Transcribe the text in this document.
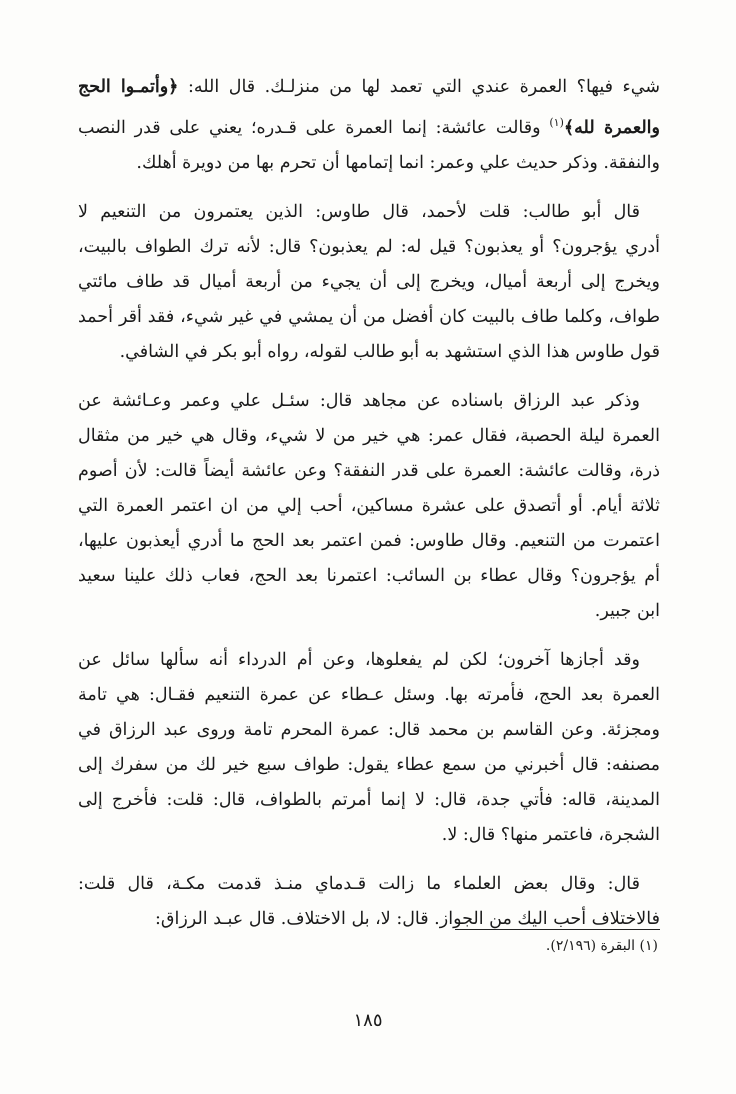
شيء فيها؟ العمرة عندي التي تعمد لها من منزلـك. قال الله: ﴿وأتمـوا الحج
والعمرة لله﴾$^{(١)}$ وقالت عائشة: إنما العمرة على قـدره؛ يعني على قدر النصب
والنفقة. وذكر حديث علي وعمر: انما إتمامها أن تحرم بها من دويرة أهلك.
قال أبو طالب: قلت لأحمد، قال طاوس: الذين يعتمرون من التنعيم لا
أدري يؤجرون؟ أو يعذبون؟ قيل له: لم يعذبون؟ قال: لأنه ترك الطواف بالبيت،
ويخرج إلى أربعة أميال، ويخرج إلى أن يجيء من أربعة أميال قد طاف مائتي
طواف، وكلما طاف بالبيت كان أفضل من أن يمشي في غير شيء، فقد أقر أحمد
قول طاوس هذا الذي استشهد به أبو طالب لقوله، رواه أبو بكر في الشافي.
وذكر عبد الرزاق باسناده عن مجاهد قال: سئـل علي وعمر وعـائشة عن
العمرة ليلة الحصبة، فقال عمر: هي خير من لا شيء، وقال هي خير من مثقال
ذرة، وقالت عائشة: العمرة على قدر النفقة؟ وعن عائشة أيضاً قالت: لأن أصوم
ثلاثة أيام. أو أتصدق على عشرة مساكين، أحب إلي من ان اعتمر العمرة التي
اعتمرت من التنعيم. وقال طاوس: فمن اعتمر بعد الحج ما أدري أيعذبون عليها،
أم يؤجرون؟ وقال عطاء بن السائب: اعتمرنا بعد الحج، فعاب ذلك علينا سعيد
ابن جبير.
وقد أجازها آخرون؛ لكن لم يفعلوها، وعن أم الدرداء أنه سألها سائل عن
العمرة بعد الحج، فأمرته بها. وسئل عـطاء عن عمرة التنعيم فقـال: هي تامة
ومجزئة. وعن القاسم بن محمد قال: عمرة المحرم تامة وروى عبد الرزاق في
مصنفه: قال أخبرني من سمع عطاء يقول: طواف سبع خير لك من سفرك إلى
المدينة، قاله: فأتي جدة، قال: لا إنما أمرتم بالطواف، قال: قلت: فأخرج إلى
الشجرة، فاعتمر منها؟ قال: لا.
قال: وقال بعض العلماء ما زالت قـدماي منـذ قدمت مكـة، قال قلت:
فالاختلاف أحب اليك من الجواز. قال: لا، بل الاختلاف. قال عبـد الرزاق:
(١) البقرة (٢/١٩٦).
١٨٥
